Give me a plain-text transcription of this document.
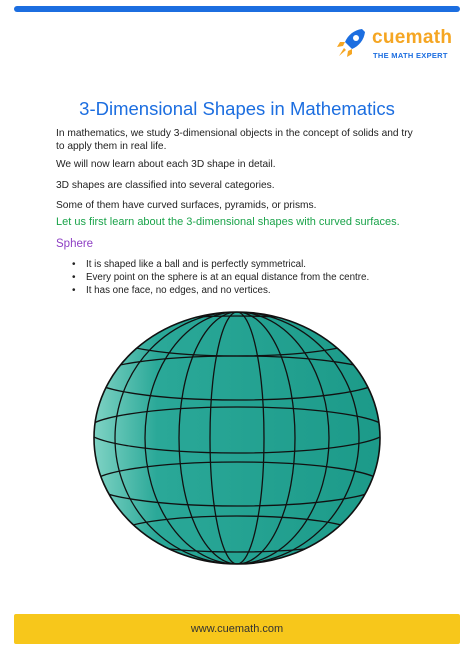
cuemath
THE MATH EXPERT
3-Dimensional Shapes in Mathematics

In mathematics, we study 3-dimensional objects in the concept of solids and try to apply them in real life.

We will now learn about each 3D shape in detail.

3D shapes are classified into several categories.

Some of them have curved surfaces, pyramids, or prisms.

Let us first learn about the 3-dimensional shapes with curved surfaces.

Sphere

• It is shaped like a ball and is perfectly symmetrical.
• Every point on the sphere is at an equal distance from the centre.
• It has one face, no edges, and no vertices.
www.cuemath.com
